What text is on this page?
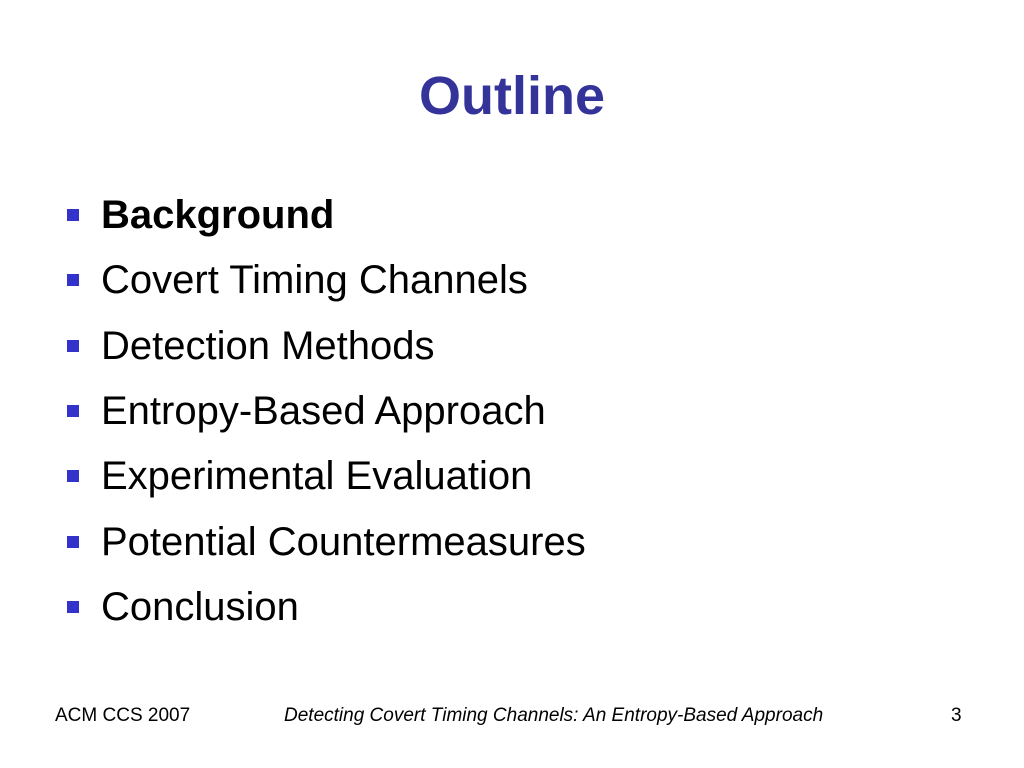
Outline
Background
Covert Timing Channels
Detection Methods
Entropy-Based Approach
Experimental Evaluation
Potential Countermeasures
Conclusion
ACM CCS 2007	Detecting Covert Timing Channels: An Entropy-Based Approach	3
